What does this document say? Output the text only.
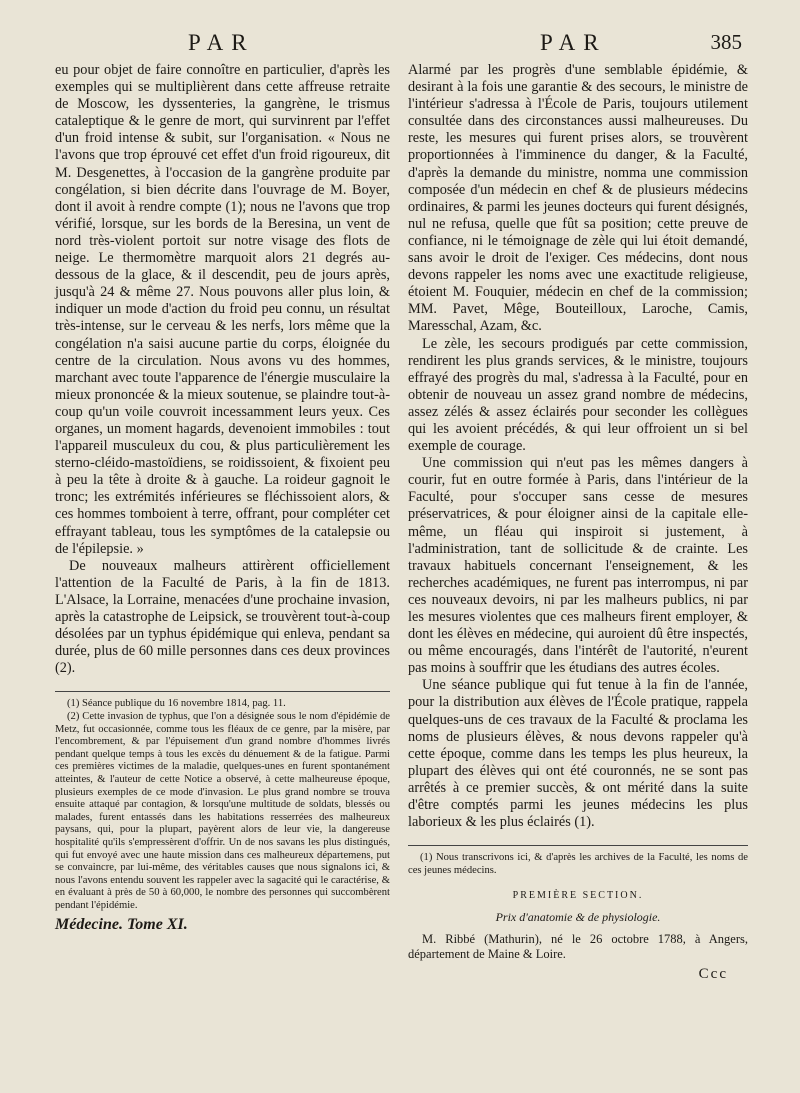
PAR	PAR	385

eu pour objet de faire connoître en particulier, d'après les exemples qui se multiplièrent dans cette affreuse retraite de Moscow, les dyssenteries, la gangrène, le trismus cataleptique & le genre de mort, qui survinrent par l'effet d'un froid intense & subit, sur l'organisation. « Nous ne l'avons que trop éprouvé cet effet d'un froid rigoureux, dit M. Desgenettes, à l'occasion de la gangrène produite par congélation, si bien décrite dans l'ouvrage de M. Boyer, dont il avoit à rendre compte (1); nous ne l'avons que trop vérifié, lorsque, sur les bords de la Beresina, un vent de nord très-violent portoit sur notre visage des flots de neige. Le thermomètre marquoit alors 21 degrés au-dessous de la glace, & il descendit, peu de jours après, jusqu'à 24 & même 27. Nous pouvons aller plus loin, & indiquer un mode d'action du froid peu connu, un résultat très-intense, sur le cerveau & les nerfs, lors même que la congélation n'a saisi aucune partie du corps, éloignée du centre de la circulation. Nous avons vu des hommes, marchant avec toute l'apparence de l'énergie musculaire la mieux prononcée & la mieux soutenue, se plaindre tout-à-coup qu'un voile couvroit incessamment leurs yeux. Ces organes, un moment hagards, devenoient immobiles : tout l'appareil musculeux du cou, & plus particulièrement les sterno-cléido-mastoïdiens, se roidissoient, & fixoient peu à peu la tête à droite & à gauche. La roideur gagnoit le tronc; les extrémités inférieures se fléchissoient alors, & ces hommes tomboient à terre, offrant, pour compléter cet effrayant tableau, tous les symptômes de la catalepsie ou de l'épilepsie. »

De nouveaux malheurs attirèrent officiellement l'attention de la Faculté de Paris, à la fin de 1813. L'Alsace, la Lorraine, menacées d'une prochaine invasion, après la catastrophe de Leipsick, se trouvèrent tout-à-coup désolées par un typhus épidémique qui enleva, pendant sa durée, plus de 60 mille personnes dans ces deux provinces (2).

(1) Séance publique du 16 novembre 1814, pag. 11.

(2) Cette invasion de typhus, que l'on a désignée sous le nom d'épidémie de Metz, fut occasionnée, comme tous les fléaux de ce genre, par la misère, par l'encombrement, & par l'épuisement d'un grand nombre d'hommes livrés pendant quelque temps à tous les excès du dénuement & de la fatigue. Parmi ces premières victimes de la maladie, quelques-unes en furent spontanément atteintes, & l'auteur de cette Notice a observé, à cette malheureuse époque, plusieurs exemples de ce mode d'invasion. Le plus grand nombre se trouva ensuite attaqué par contagion, & lorsqu'une multitude de soldats, blessés ou malades, furent entassés dans les habitations resserrées des malheureux paysans, qui, pour la plupart, payèrent alors de leur vie, la dangereuse hospitalité qu'ils s'empressèrent d'offrir. Un de nos savans les plus distingués, qui fut envoyé avec une haute mission dans ces malheureux départemens, put se convaincre, par lui-même, des véritables causes que nous signalons ici, & nous l'avons entendu souvent les rappeler avec la sagacité qui le caractérise, & en évaluant à près de 50 à 60,000, le nombre des personnes qui succombèrent pendant l'épidémie.

Médecine. Tome XI.

Alarmé par les progrès d'une semblable épidémie, & desirant à la fois une garantie & des secours, le ministre de l'intérieur s'adressa à l'École de Paris, toujours utilement consultée dans des circonstances aussi malheureuses. Du reste, les mesures qui furent prises alors, se trouvèrent proportionnées à l'imminence du danger, & la Faculté, d'après la demande du ministre, nomma une commission composée d'un médecin en chef & de plusieurs médecins ordinaires, & parmi les jeunes docteurs qui furent désignés, nul ne refusa, quelle que fût sa position; cette preuve de confiance, ni le témoignage de zèle qui lui étoit demandé, sans avoir le droit de l'exiger. Ces médecins, dont nous devons rappeler les noms avec une exactitude religieuse, étoient M. Fouquier, médecin en chef de la commission; MM. Pavet, Mêge, Bouteilloux, Laroche, Camis, Maresschal, Azam, &c.

Le zèle, les secours prodigués par cette commission, rendirent les plus grands services, & le ministre, toujours effrayé des progrès du mal, s'adressa à la Faculté, pour en obtenir de nouveau un assez grand nombre de médecins, assez zélés & assez éclairés pour seconder les collègues qui les avoient précédés, & qui leur offroient un si bel exemple de courage.

Une commission qui n'eut pas les mêmes dangers à courir, fut en outre formée à Paris, dans l'intérieur de la Faculté, pour s'occuper sans cesse de mesures préservatrices, & pour éloigner ainsi de la capitale elle-même, un fléau qui inspiroit si justement, à l'administration, tant de sollicitude & de crainte. Les travaux habituels concernant l'enseignement, & les recherches académiques, ne furent pas interrompus, ni par ces nouveaux devoirs, ni par les malheurs publics, ni par les mesures violentes que ces malheurs firent employer, & dont les élèves en médecine, qui auroient dû être inspectés, ou même encouragés, dans l'intérêt de l'autorité, n'eurent pas moins à souffrir que les étudians des autres écoles.

Une séance publique qui fut tenue à la fin de l'année, pour la distribution aux élèves de l'École pratique, rappela quelques-uns de ces travaux de la Faculté & proclama les noms de plusieurs élèves, & nous devons rappeler qu'à cette époque, comme dans les temps les plus heureux, la plupart des élèves qui ont été couronnés, ne se sont pas arrêtés à ce premier succès, & ont mérité dans la suite d'être comptés parmi les jeunes médecins les plus laborieux & les plus éclairés (1).

(1) Nous transcrivons ici, & d'après les archives de la Faculté, les noms de ces jeunes médecins.

PREMIÈRE SECTION.
Prix d'anatomie & de physiologie.
M. Ribbé (Mathurin), né le 26 octobre 1788, à Angers, département de Maine & Loire.
Ccc
